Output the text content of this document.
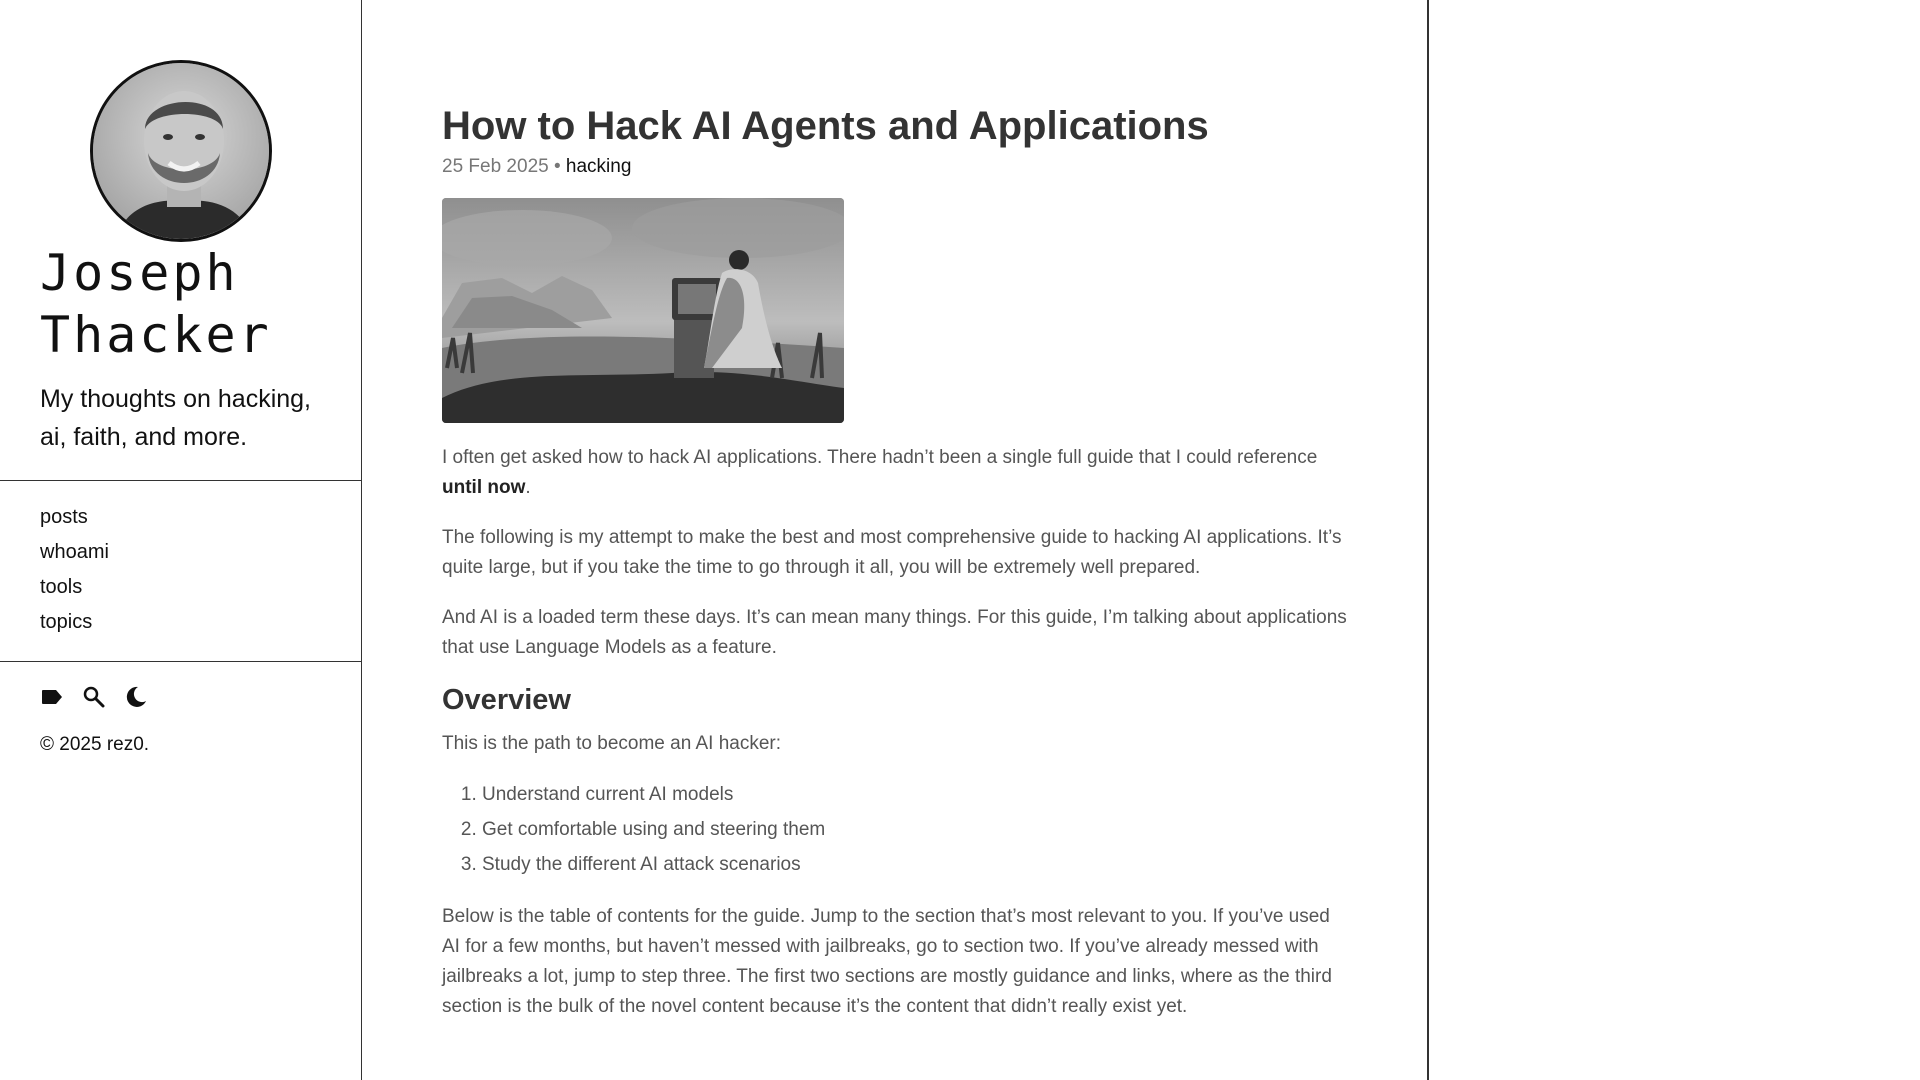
Joseph
Thacker
My thoughts on hacking, ai, faith, and more.
posts
whoami
tools
topics
© 2025 rez0.
How to Hack AI Agents and Applications
25 Feb 2025 • hacking

I often get asked how to hack AI applications. There hadn’t been a single full guide that I could reference until now.

The following is my attempt to make the best and most comprehensive guide to hacking AI applications. It’s quite large, but if you take the time to go through it all, you will be extremely well prepared.

And AI is a loaded term these days. It’s can mean many things. For this guide, I’m talking about applications that use Language Models as a feature.

Overview

This is the path to become an AI hacker:

1. Understand current AI models
2. Get comfortable using and steering them
3. Study the different AI attack scenarios

Below is the table of contents for the guide. Jump to the section that’s most relevant to you. If you’ve used AI for a few months, but haven’t messed with jailbreaks, go to section two. If you’ve already messed with jailbreaks a lot, jump to step three. The first two sections are mostly guidance and links, where as the third section is the bulk of the novel content because it’s the content that didn’t really exist yet.
